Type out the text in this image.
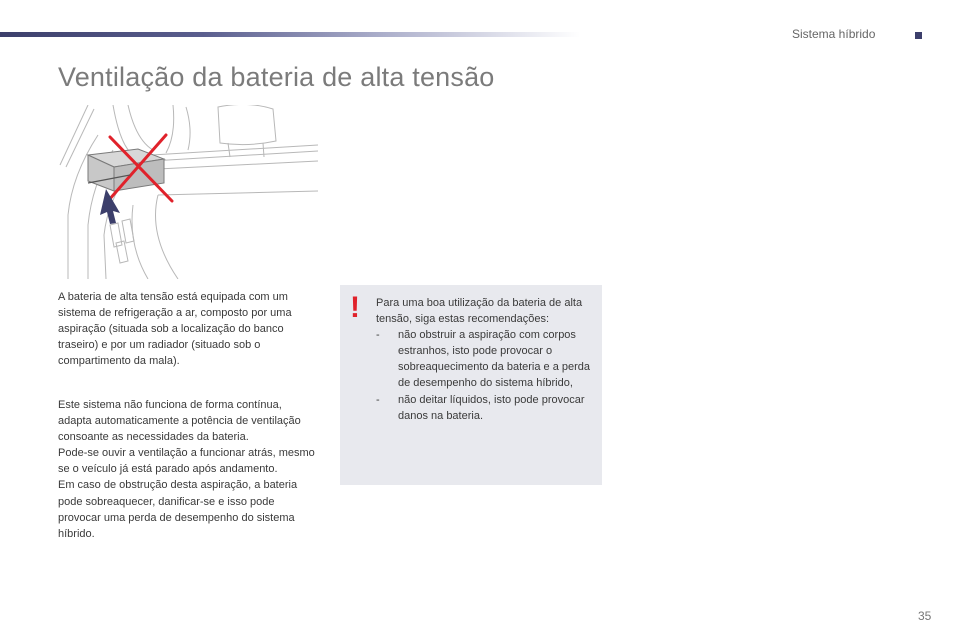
Sistema híbrido
Ventilação da bateria de alta tensão
A bateria de alta tensão está equipada com um sistema de refrigeração a ar, composto por uma aspiração (situada sob a localização do banco traseiro) e por um radiador (situado sob o compartimento da mala).
Este sistema não funciona de forma contínua, adapta automaticamente a potência de ventilação consoante as necessidades da bateria.
Pode-se ouvir a ventilação a funcionar atrás, mesmo se o veículo já está parado após andamento.
Em caso de obstrução desta aspiração, a bateria pode sobreaquecer, danificar-se e isso pode provocar uma perda de desempenho do sistema híbrido.
! Para uma boa utilização da bateria de alta tensão, siga estas recomendações:
- não obstruir a aspiração com corpos estranhos, isto pode provocar o sobreaquecimento da bateria e a perda de desempenho do sistema híbrido,
- não deitar líquidos, isto pode provocar danos na bateria.
35
